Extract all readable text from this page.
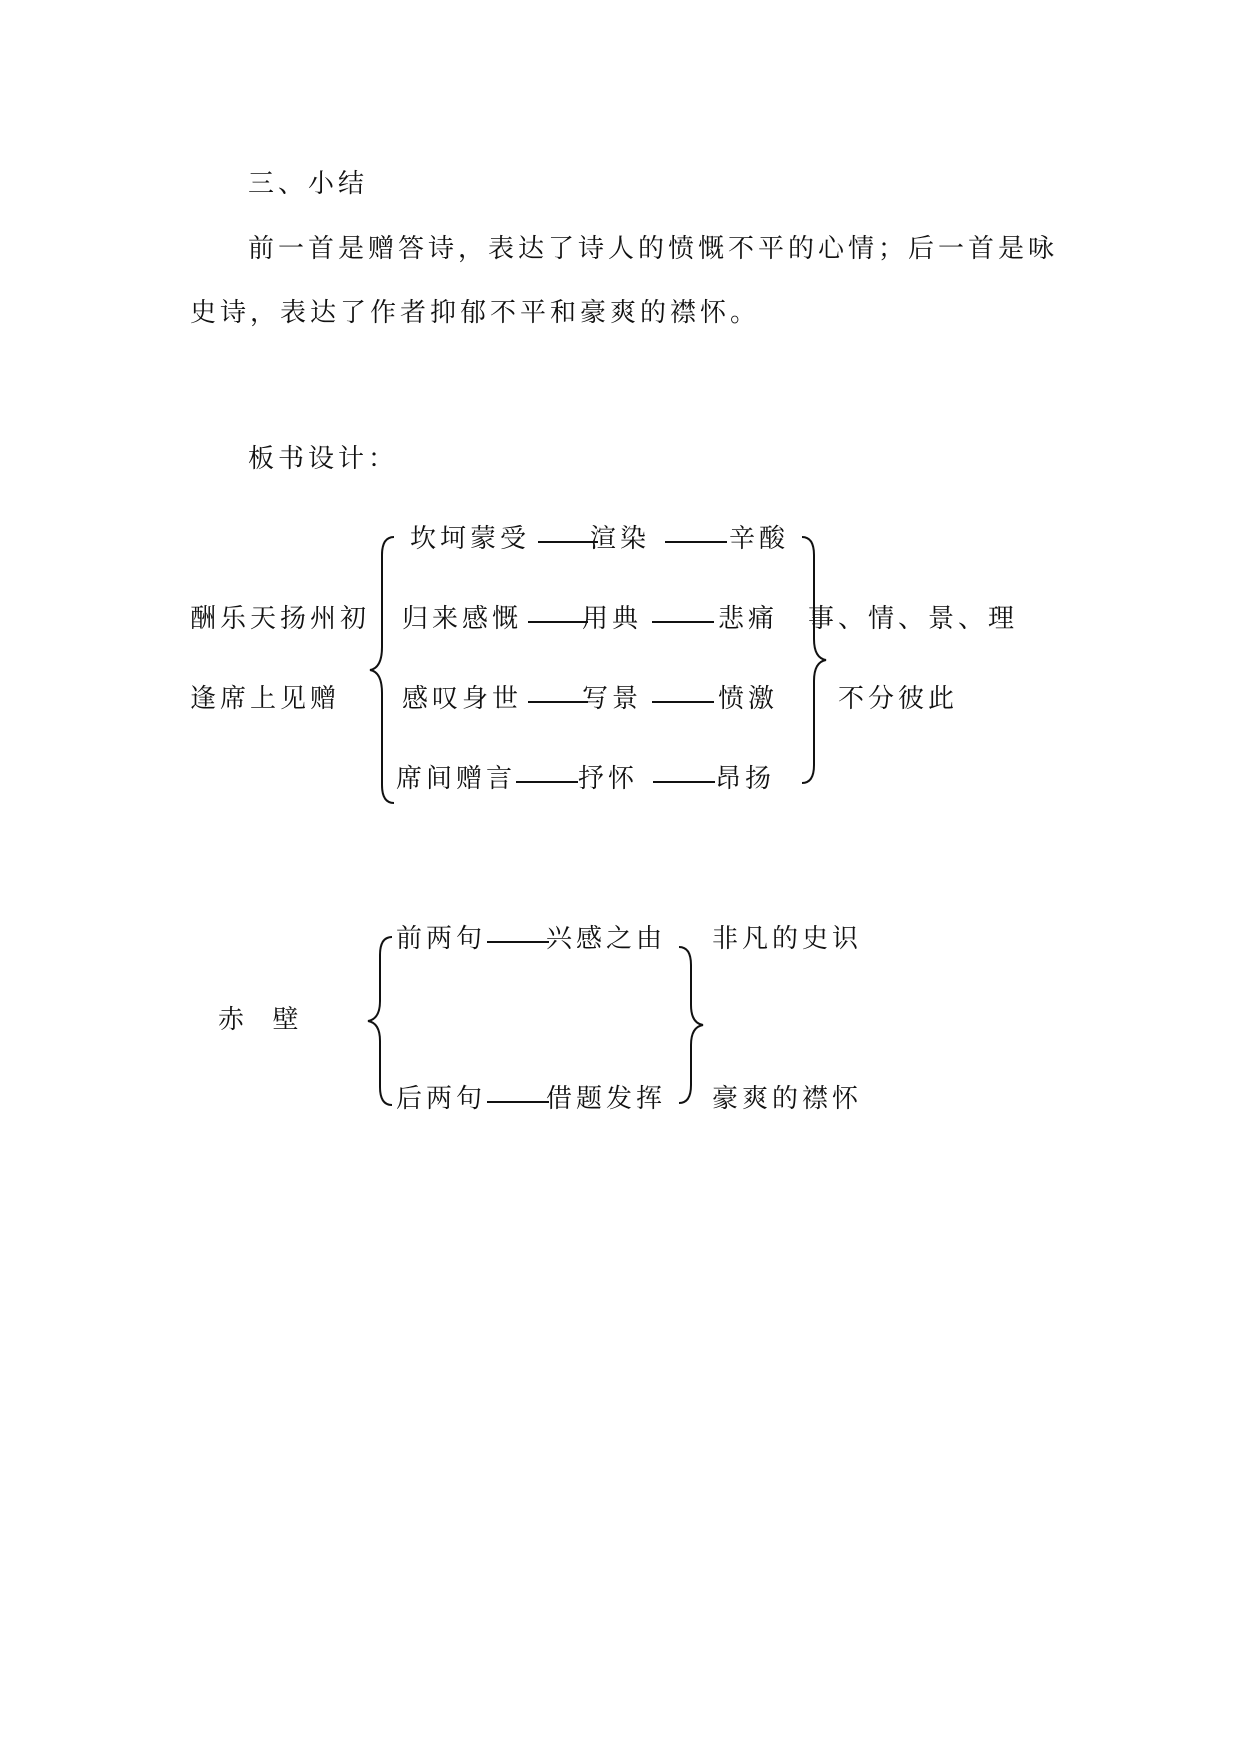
三、小结
前一首是赠答诗，表达了诗人的愤慨不平的心情；后一首是咏
史诗，表达了作者抑郁不平和豪爽的襟怀。
板书设计：
酬乐天扬州初
逢席上见赠
坎坷蒙受 渲染	辛酸
归来感慨 用典	悲痛
感叹身世 写景	愤激
席间赠言 抒怀	昂扬
事、情、景、理
不分彼此
赤  壁
前两句 兴感之由
后两句 借题发挥
非凡的史识
豪爽的襟怀
